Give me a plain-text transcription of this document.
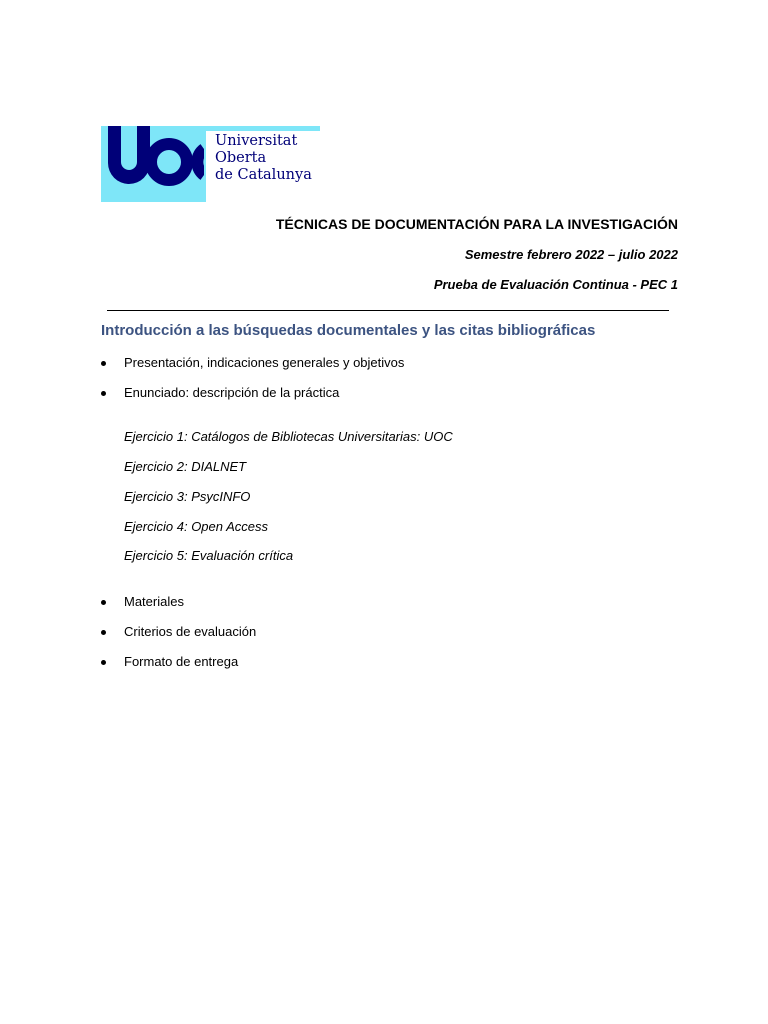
Universitat
Oberta
de Catalunya
TÉCNICAS DE DOCUMENTACIÓN PARA LA INVESTIGACIÓN
Semestre febrero 2022 – julio 2022
Prueba de Evaluación Continua - PEC 1
Introducción a las búsquedas documentales y las citas bibliográficas
Presentación, indicaciones generales y objetivos
Enunciado: descripción de la práctica
Ejercicio 1: Catálogos de Bibliotecas Universitarias: UOC
Ejercicio 2: DIALNET
Ejercicio 3: PsycINFO
Ejercicio 4: Open Access
Ejercicio 5: Evaluación crítica
Materiales
Criterios de evaluación
Formato de entrega
